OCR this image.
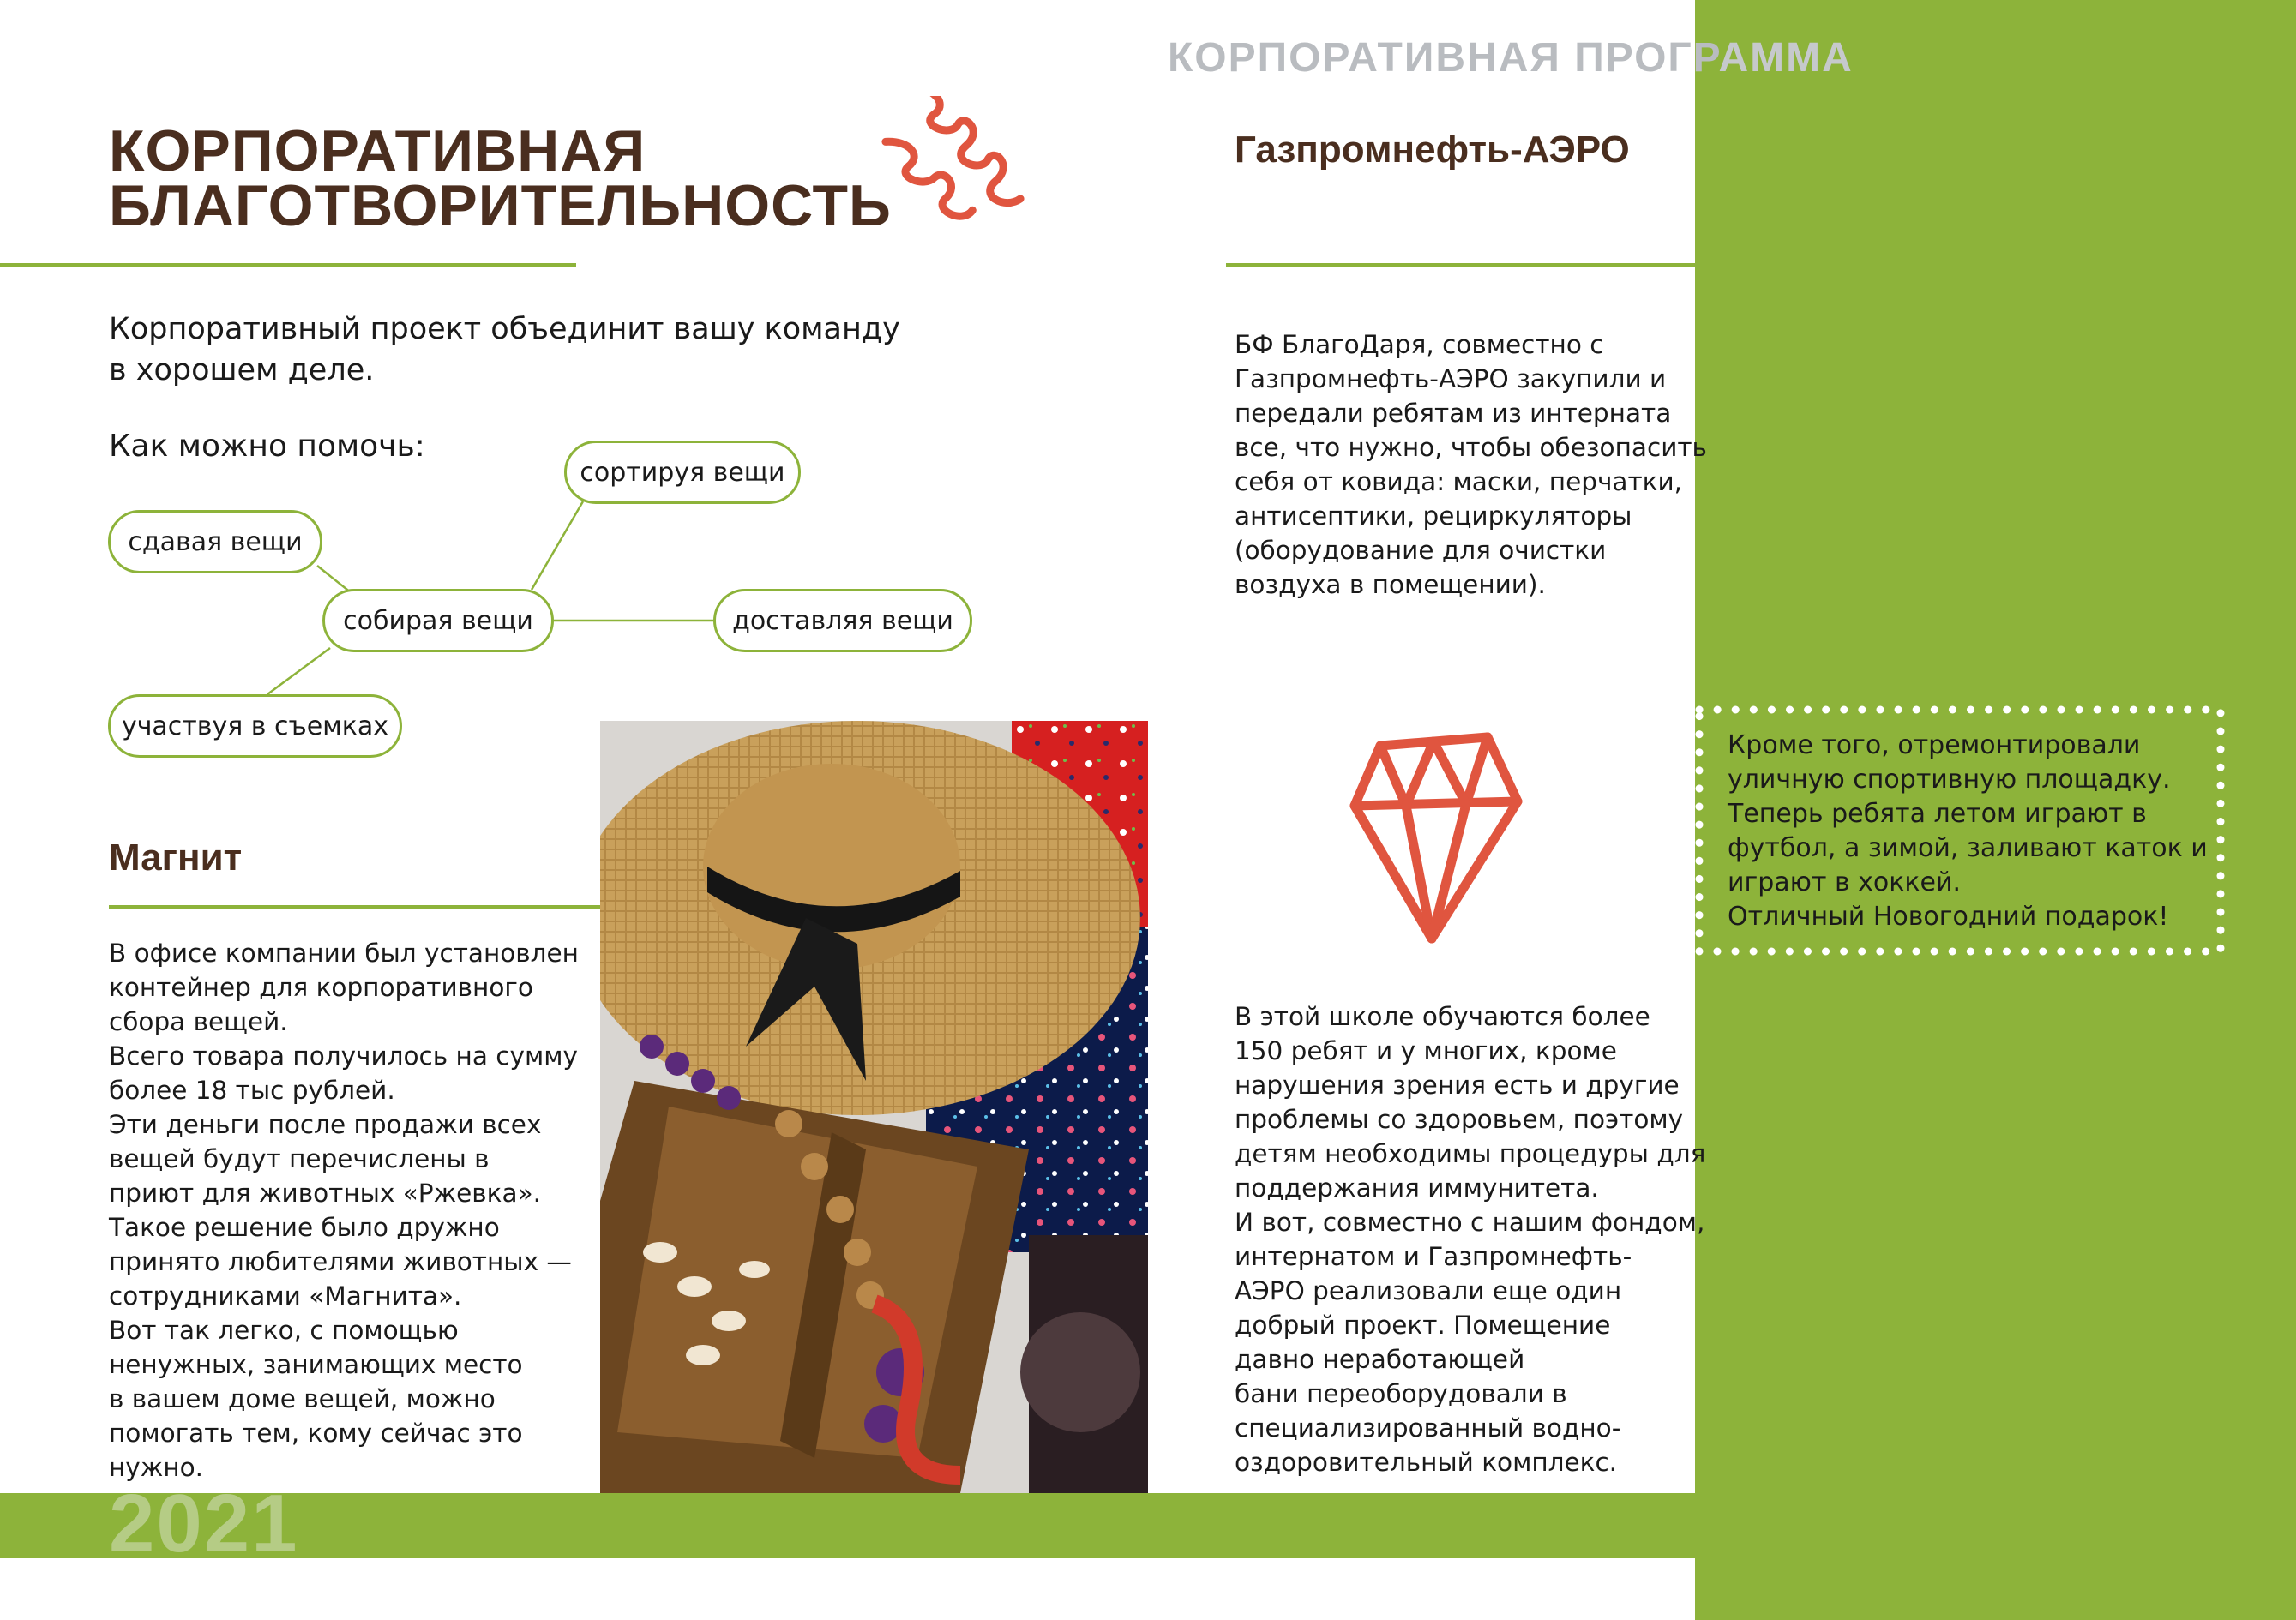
КОРПОРАТИВНАЯ ПРОГРАММА
КОРПОРАТИВНАЯ
БЛАГОТВОРИТЕЛЬНОСТЬ

Корпоративный проект объединит вашу команду
в хорошем деле.

Как можно помочь:

сдавая вещи
сортируя вещи
собирая вещи	доставляя вещи
участвуя в съемках
Магнит

В офисе компании был установлен
контейнер для корпоративного
сбора вещей.
Всего товара получилось на сумму
более 18 тыс рублей.
Эти деньги после продажи всех
вещей будут перечислены в
приют для животных «Ржевка».
Такое решение было дружно
принято любителями животных —
сотрудниками «Магнита».
Вот так легко, с помощью
ненужных, занимающих место
в вашем доме вещей, можно
помогать тем, кому сейчас это
нужно.

Газпромнефть-АЭРО

БФ БлагоДаря, совместно с
Газпромнефть-АЭРО закупили и
передали ребятам из интерната
все, что нужно, чтобы обезопасить
себя от ковида: маски, перчатки,
антисептики, рециркуляторы
(оборудование для очистки
воздуха в помещении).

В этой школе обучаются более
150 ребят и у многих, кроме
нарушения зрения есть и другие
проблемы со здоровьем, поэтому
детям необходимы процедуры для
поддержания иммунитета.
И вот, совместно с нашим фондом,
интернатом и Газпромнефть-
АЭРО реализовали еще один
добрый проект. Помещение
давно неработающей
бани переоборудовали в
специализированный водно-
оздоровительный комплекс.

Кроме того, отремонтировали
уличную спортивную площадку.
Теперь ребята летом играют в
футбол, а зимой, заливают каток и
играют в хоккей.
Отличный Новогодний подарок!

2021
